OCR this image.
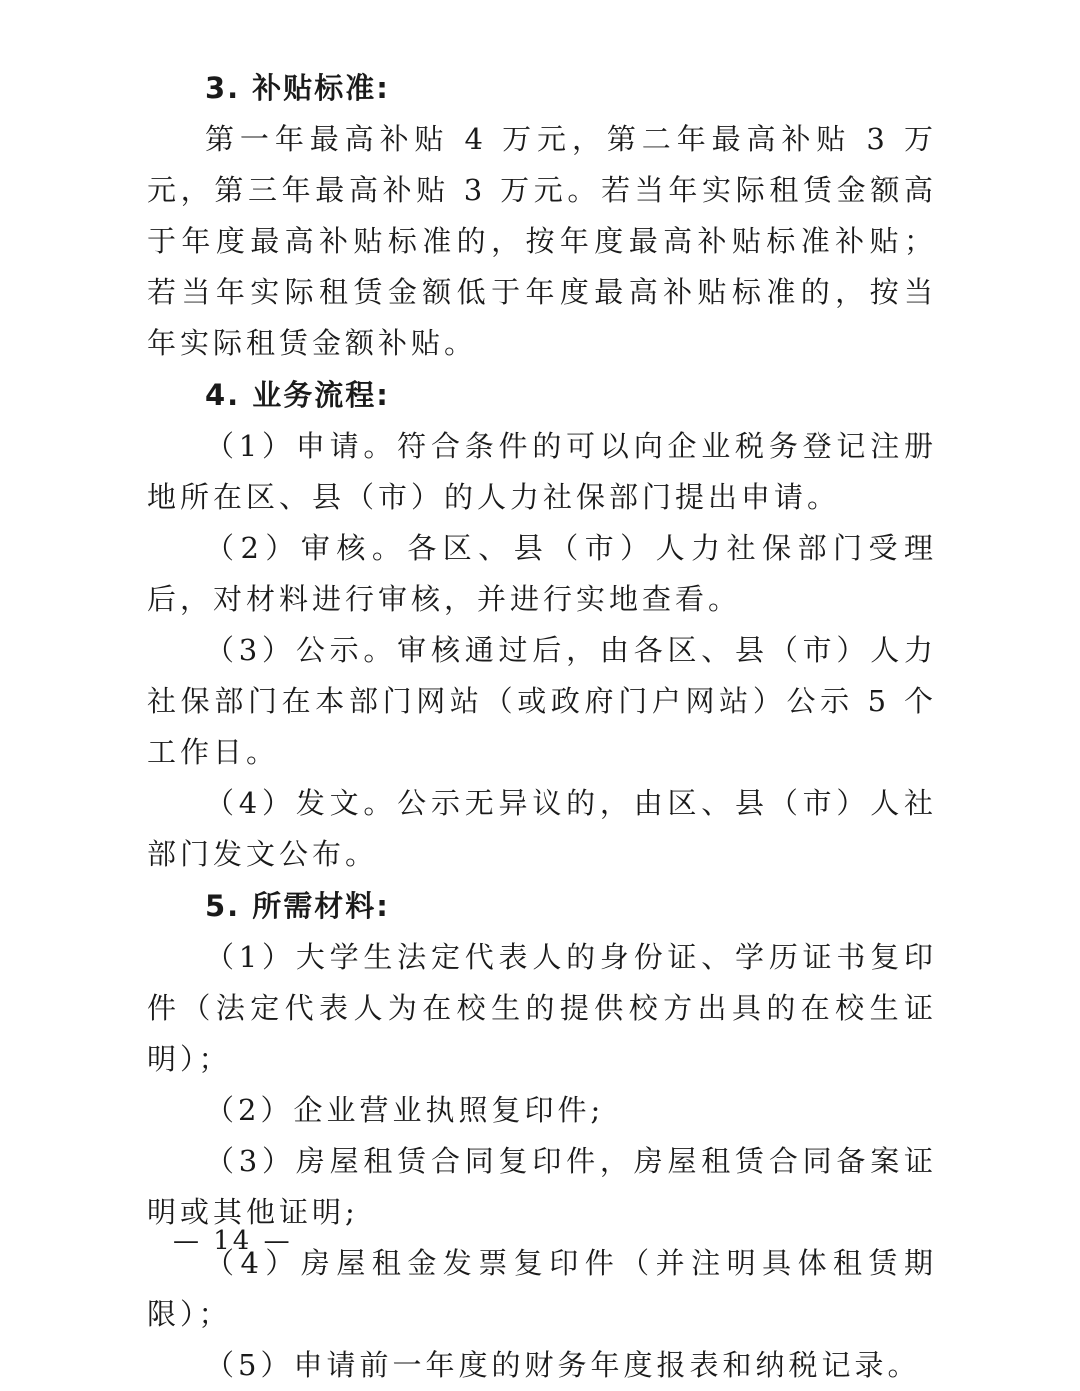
3. 补贴标准:

第一年最高补贴 4 万元，第二年最高补贴 3 万元，第三年最高补贴 3 万元。若当年实际租赁金额高于年度最高补贴标准的，按年度最高补贴标准补贴；若当年实际租赁金额低于年度最高补贴标准的，按当年实际租赁金额补贴。

4. 业务流程:

（1）申请。符合条件的可以向企业税务登记注册地所在区、县（市）的人力社保部门提出申请。

（2）审核。各区、县（市）人力社保部门受理后，对材料进行审核，并进行实地查看。

（3）公示。审核通过后，由各区、县（市）人力社保部门在本部门网站（或政府门户网站）公示 5 个工作日。

（4）发文。公示无异议的，由区、县（市）人社部门发文公布。

5. 所需材料:

（1）大学生法定代表人的身份证、学历证书复印件（法定代表人为在校生的提供校方出具的在校生证明）；

（2）企业营业执照复印件;

（3）房屋租赁合同复印件，房屋租赁合同备案证明或其他证明;

（4）房屋租金发票复印件（并注明具体租赁期限）；

（5）申请前一年度的财务年度报表和纳税记录。

— 14 —
